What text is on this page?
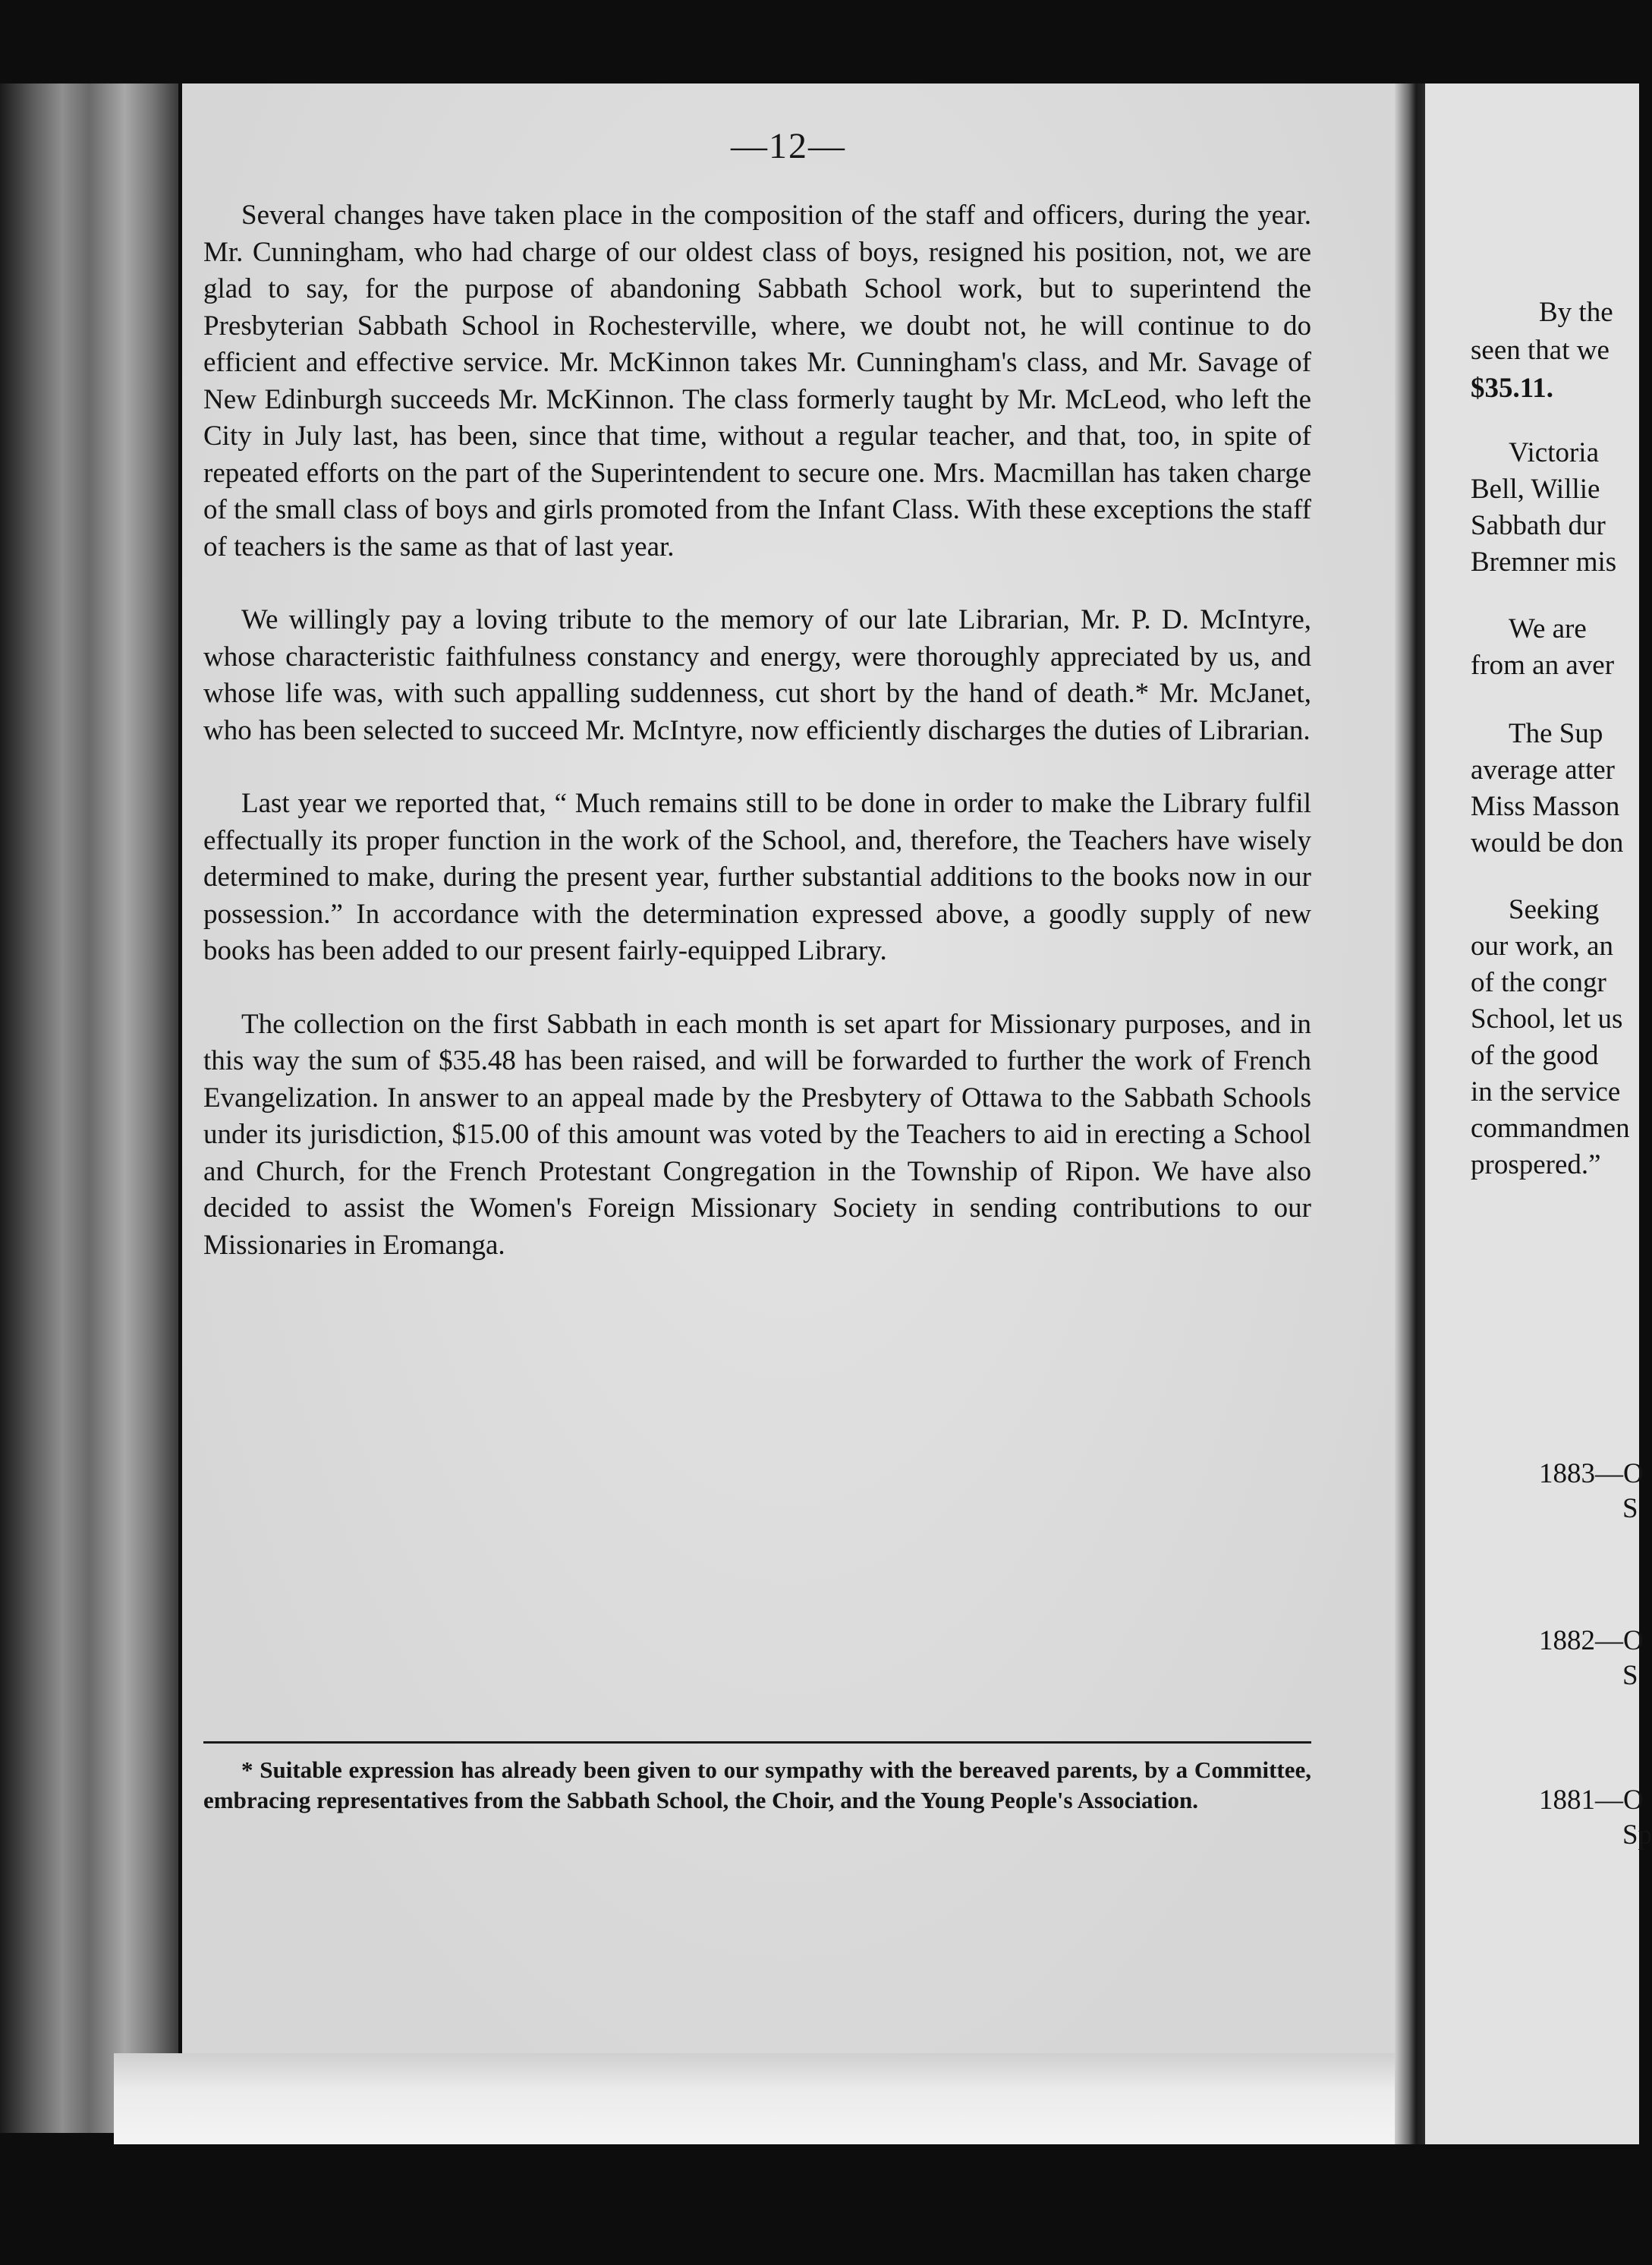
By the
seen that we
$35.11.
Victoria
Bell, Willie
Sabbath dur
Bremner mis
We are
from an aver
The Sup
average atter
Miss Masson
would be don
Seeking
our work, an
of the congr
School, let us
of the good
in the service
commandmen
prospered.”
1883—O
S
1882—O
S
1881—O
Sp
—12—

Several changes have taken place in the composition of the staff and officers, during the year. Mr. Cunningham, who had charge of our oldest class of boys, resigned his position, not, we are glad to say, for the purpose of abandoning Sabbath School work, but to superintend the Presbyterian Sabbath School in Rochesterville, where, we doubt not, he will continue to do efficient and effective service. Mr. McKinnon takes Mr. Cunningham's class, and Mr. Savage of New Edinburgh succeeds Mr. McKinnon. The class formerly taught by Mr. McLeod, who left the City in July last, has been, since that time, without a regular teacher, and that, too, in spite of repeated efforts on the part of the Superintendent to secure one. Mrs. Macmillan has taken charge of the small class of boys and girls promoted from the Infant Class. With these exceptions the staff of teachers is the same as that of last year.

We willingly pay a loving tribute to the memory of our late Librarian, Mr. P. D. McIntyre, whose characteristic faithfulness constancy and energy, were thoroughly appreciated by us, and whose life was, with such appalling suddenness, cut short by the hand of death.* Mr. McJanet, who has been selected to succeed Mr. McIntyre, now efficiently discharges the duties of Librarian.

Last year we reported that, “ Much remains still to be done in order to make the Library fulfil effectually its proper function in the work of the School, and, therefore, the Teachers have wisely determined to make, during the present year, further substantial additions to the books now in our possession.” In accordance with the determination expressed above, a goodly supply of new books has been added to our present fairly-equipped Library.

The collection on the first Sabbath in each month is set apart for Missionary purposes, and in this way the sum of $35.48 has been raised, and will be forwarded to further the work of French Evangelization. In answer to an appeal made by the Presbytery of Ottawa to the Sabbath Schools under its jurisdiction, $15.00 of this amount was voted by the Teachers to aid in erecting a School and Church, for the French Protestant Congregation in the Township of Ripon. We have also decided to assist the Women's Foreign Missionary Society in sending contributions to our Missionaries in Eromanga.

* Suitable expression has already been given to our sympathy with the bereaved parents, by a Committee, embracing representatives from the Sabbath School, the Choir, and the Young People's Association.
